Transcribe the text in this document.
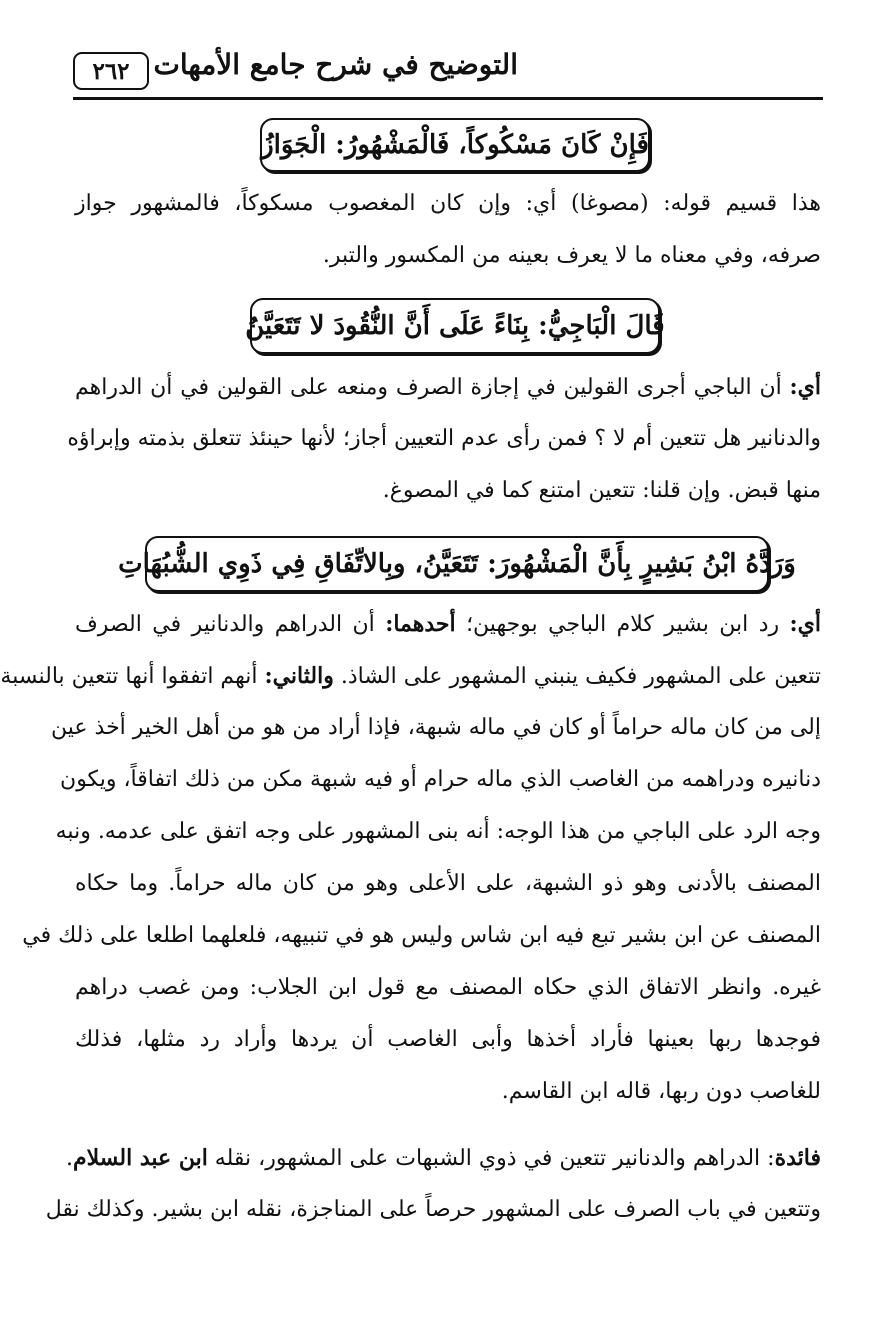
التوضيح في شرح جامع الأمهات
٢٦٢
فَإِنْ كَانَ مَسْكُوكاً، فَالْمَشْهُورُ: الْجَوَازُ
هذا قسيم قوله: (مصوغا) أي: وإن كان المغصوب مسكوكاً، فالمشهور جواز
صرفه، وفي معناه ما لا يعرف بعينه من المكسور والتبر.
قَالَ الْبَاجِيُّ: بِنَاءً عَلَى أَنَّ النُّقُودَ لا تَتَعَيَّنُ
أي: أن الباجي أجرى القولين في إجازة الصرف ومنعه على القولين في أن الدراهم
والدنانير هل تتعين أم لا ؟ فمن رأى عدم التعيين أجاز؛ لأنها حينئذ تتعلق بذمته وإبراؤه
منها قبض. وإن قلنا: تتعين امتنع كما في المصوغ.
وَرَدَّهُ ابْنُ بَشِيرٍ بِأَنَّ الْمَشْهُورَ: تَتَعَيَّنُ، وبِالاتِّفَاقِ فِي ذَوِي الشُّبُهَاتِ
أي: رد ابن بشير كلام الباجي بوجهين؛ أحدهما: أن الدراهم والدنانير في الصرف
تتعين على المشهور فكيف ينبني المشهور على الشاذ. والثاني: أنهم اتفقوا أنها تتعين بالنسبة
إلى من كان ماله حراماً أو كان في ماله شبهة، فإذا أراد من هو من أهل الخير أخذ عين
دنانيره ودراهمه من الغاصب الذي ماله حرام أو فيه شبهة مكن من ذلك اتفاقاً، ويكون
وجه الرد على الباجي من هذا الوجه: أنه بنى المشهور على وجه اتفق على عدمه. ونبه
المصنف بالأدنى وهو ذو الشبهة، على الأعلى وهو من كان ماله حراماً. وما حكاه
المصنف عن ابن بشير تبع فيه ابن شاس وليس هو في تنبيهه، فلعلهما اطلعا على ذلك في
غيره. وانظر الاتفاق الذي حكاه المصنف مع قول ابن الجلاب: ومن غصب دراهم
فوجدها ربها بعينها فأراد أخذها وأبى الغاصب أن يردها وأراد رد مثلها، فذلك
للغاصب دون ربها، قاله ابن القاسم.
فائدة: الدراهم والدنانير تتعين في ذوي الشبهات على المشهور، نقله ابن عبد السلام.
وتتعين في باب الصرف على المشهور حرصاً على المناجزة، نقله ابن بشير. وكذلك نقل
